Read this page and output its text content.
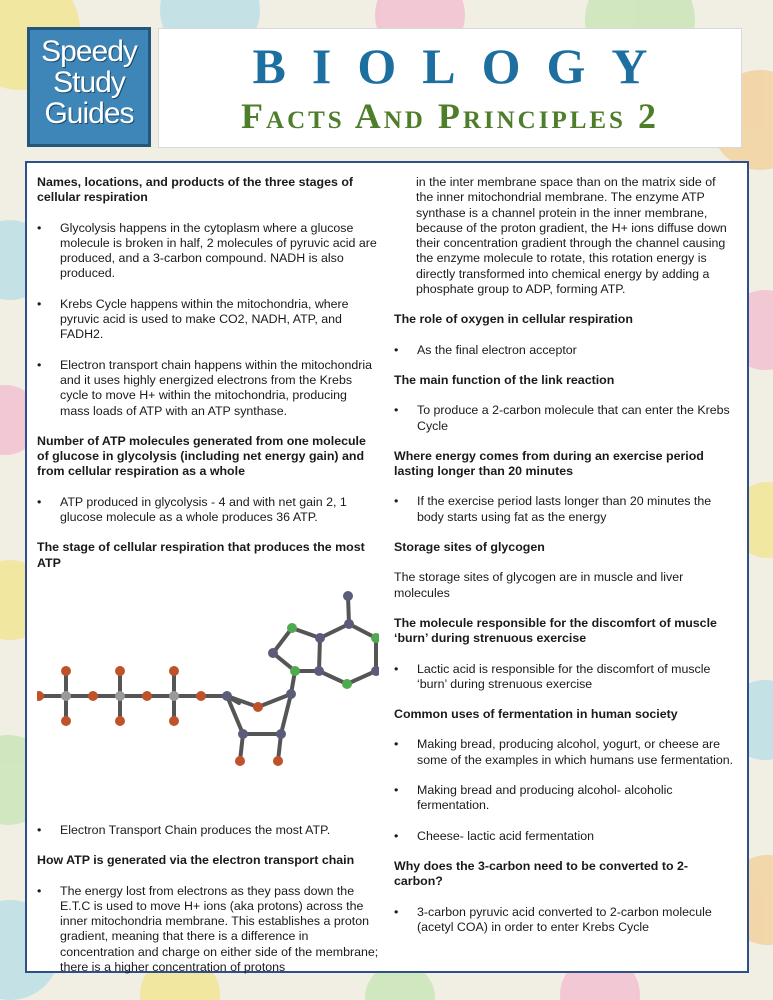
Speedy
Study
Guides
BIOLOGY
Facts And Principles 2
Names, locations, and products of the three stages of cellular respiration
• Glycolysis happens in the cytoplasm where a glucose molecule is broken in half, 2 molecules of pyruvic acid are produced, and a 3-carbon compound. NADH is also produced.
• Krebs Cycle happens within the mitochondria, where pyruvic acid is used to make CO2, NADH, ATP, and FADH2.
• Electron transport chain happens within the mitochondria and it uses highly energized electrons from the Krebs cycle to move H+ within the mitochondria, producing mass loads of ATP with an ATP synthase.
Number of ATP molecules generated from one molecule of glucose in glycolysis (including net energy gain) and from cellular respiration as a whole
• ATP produced in glycolysis - 4 and with net gain 2, 1 glucose molecule as a whole produces 36 ATP.
The stage of cellular respiration that produces the most ATP
• Electron Transport Chain produces the most ATP.
How ATP is generated via the electron transport chain
• The energy lost from electrons as they pass down the E.T.C is used to move H+ ions (aka protons) across the inner mitochondria membrane. This establishes a proton gradient, meaning that there is a difference in concentration and charge on either side of the membrane; there is a higher concentration of protons
in the inter membrane space than on the matrix side of the inner mitochondrial membrane. The enzyme ATP synthase is a channel protein in the inner membrane, because of the proton gradient, the H+ ions diffuse down their concentration gradient through the channel causing the enzyme molecule to rotate, this rotation energy is directly transformed into chemical energy by adding a phosphate group to ADP, forming ATP.
The role of oxygen in cellular respiration
• As the final electron acceptor
The main function of the link reaction
• To produce a 2-carbon molecule that can enter the Krebs Cycle
Where energy comes from during an exercise period lasting longer than 20 minutes
• If the exercise period lasts longer than 20 minutes the body starts using fat as the energy
Storage sites of glycogen
The storage sites of glycogen are in muscle and liver molecules
The molecule responsible for the discomfort of muscle ‘burn’ during strenuous exercise
• Lactic acid is responsible for the discomfort of muscle ‘burn’ during strenuous exercise
Common uses of fermentation in human society
• Making bread, producing alcohol, yogurt, or cheese are some of the examples in which humans use fermentation.
• Making bread and producing alcohol- alcoholic fermentation.
• Cheese- lactic acid fermentation
Why does the 3-carbon need to be converted to 2-carbon?
• 3-carbon pyruvic acid converted to 2-carbon molecule (acetyl COA) in order to enter Krebs Cycle
